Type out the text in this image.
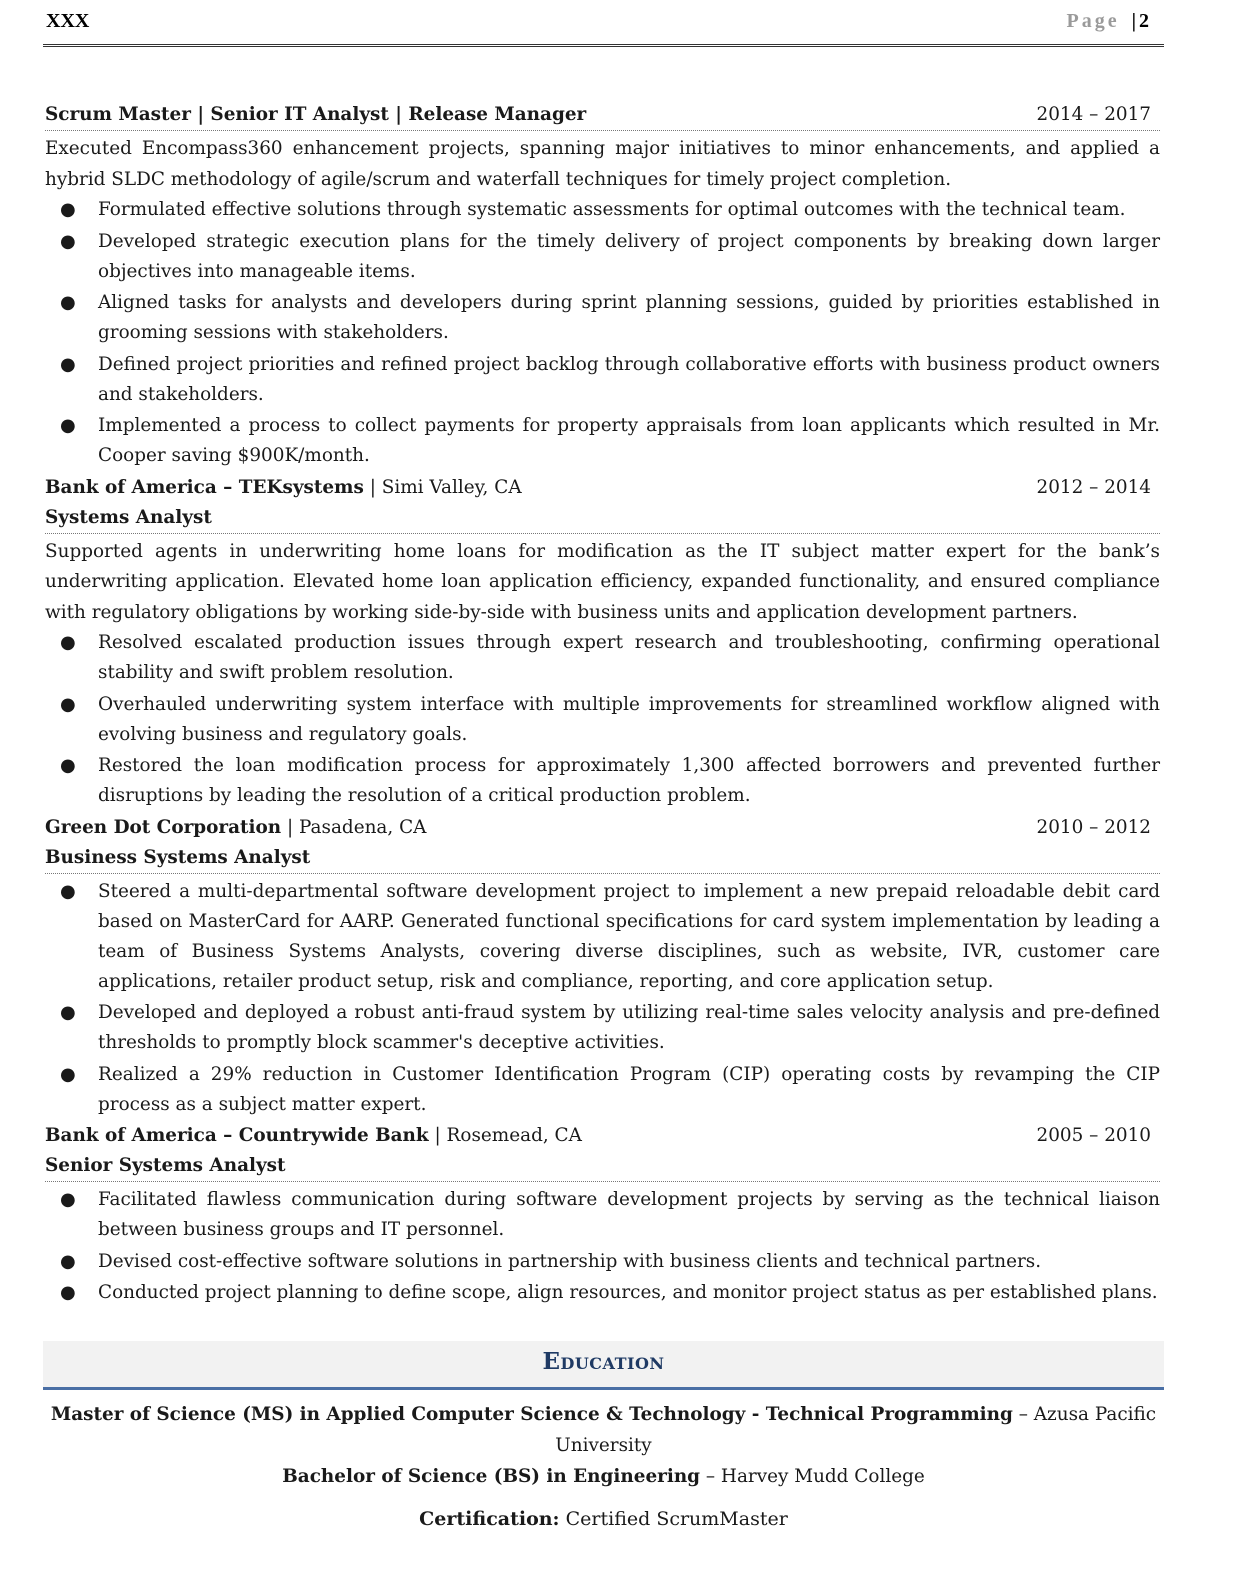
XXX	Page |2
Scrum Master | Senior IT Analyst | Release Manager	2014 – 2017
Executed Encompass360 enhancement projects, spanning major initiatives to minor enhancements, and applied a hybrid SLDC methodology of agile/scrum and waterfall techniques for timely project completion.
● Formulated effective solutions through systematic assessments for optimal outcomes with the technical team.
● Developed strategic execution plans for the timely delivery of project components by breaking down larger objectives into manageable items.
● Aligned tasks for analysts and developers during sprint planning sessions, guided by priorities established in grooming sessions with stakeholders.
● Defined project priorities and refined project backlog through collaborative efforts with business product owners and stakeholders.
● Implemented a process to collect payments for property appraisals from loan applicants which resulted in Mr. Cooper saving $900K/month.
Bank of America – TEKsystems | Simi Valley, CA	2012 – 2014
Systems Analyst
Supported agents in underwriting home loans for modification as the IT subject matter expert for the bank’s underwriting application. Elevated home loan application efficiency, expanded functionality, and ensured compliance with regulatory obligations by working side-by-side with business units and application development partners.
● Resolved escalated production issues through expert research and troubleshooting, confirming operational stability and swift problem resolution.
● Overhauled underwriting system interface with multiple improvements for streamlined workflow aligned with evolving business and regulatory goals.
● Restored the loan modification process for approximately 1,300 affected borrowers and prevented further disruptions by leading the resolution of a critical production problem.
Green Dot Corporation | Pasadena, CA	2010 – 2012
Business Systems Analyst
● Steered a multi-departmental software development project to implement a new prepaid reloadable debit card based on MasterCard for AARP. Generated functional specifications for card system implementation by leading a team of Business Systems Analysts, covering diverse disciplines, such as website, IVR, customer care applications, retailer product setup, risk and compliance, reporting, and core application setup.
● Developed and deployed a robust anti-fraud system by utilizing real-time sales velocity analysis and pre-defined thresholds to promptly block scammer's deceptive activities.
● Realized a 29% reduction in Customer Identification Program (CIP) operating costs by revamping the CIP process as a subject matter expert.
Bank of America – Countrywide Bank | Rosemead, CA	2005 – 2010
Senior Systems Analyst
● Facilitated flawless communication during software development projects by serving as the technical liaison between business groups and IT personnel.
● Devised cost-effective software solutions in partnership with business clients and technical partners.
● Conducted project planning to define scope, align resources, and monitor project status as per established plans.
Education
Master of Science (MS) in Applied Computer Science & Technology - Technical Programming – Azusa Pacific University
Bachelor of Science (BS) in Engineering – Harvey Mudd College
Certification: Certified ScrumMaster
